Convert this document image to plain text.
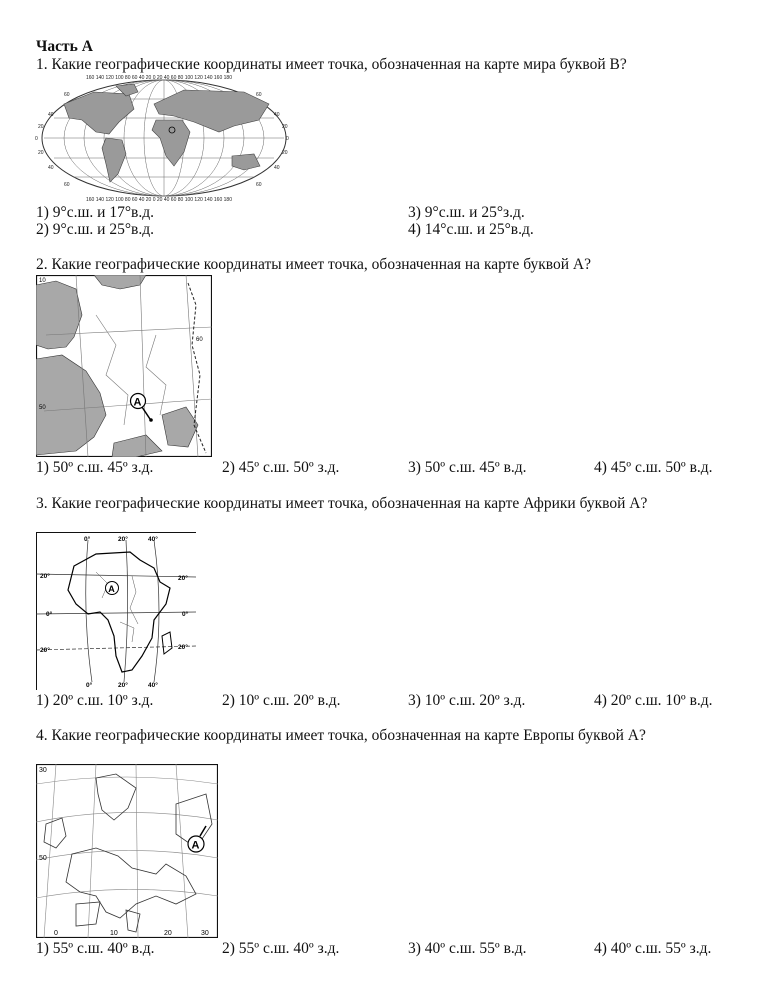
Часть А
1. Какие географические координаты имеет точка, обозначенная на карте мира буквой В?
160 140 120 100 80 60 40 20 0 20 40 60 80 100 120 140 160 180
160 140 120 100 80 60 40 20 0 20 40 60 80 100 120 140 160 180
60
40
20
0
20
40
60
60
40
20
0
20
40
60
1) 9°с.ш. и 17°в.д.
2) 9°с.ш. и 25°в.д.
3) 9°с.ш. и 25°з.д.
4) 14°с.ш. и 25°в.д.
2. Какие географические координаты имеет точка, обозначенная на карте буквой А?
A
10
60
50
1) 50º с.ш. 45º з.д.	2) 45º с.ш. 50º з.д.	3) 50º с.ш. 45º в.д.	4) 45º с.ш. 50º в.д.
3. Какие географические координаты имеет точка, обозначенная на карте Африки буквой А?
A
0°	20°	40°
0°	20°	40°
20°
0°
20°
20°
0°
20°
1) 20º с.ш. 10º з.д.	2) 10º с.ш. 20º в.д.	3) 10º с.ш. 20º з.д.	4) 20º с.ш. 10º в.д.
4. Какие географические координаты имеет точка, обозначенная на карте Европы буквой А?
A
30
50
0	10	20	30
1) 55º с.ш. 40º в.д.	2) 55º с.ш. 40º з.д.	3) 40º с.ш. 55º в.д.	4) 40º с.ш. 55º з.д.
